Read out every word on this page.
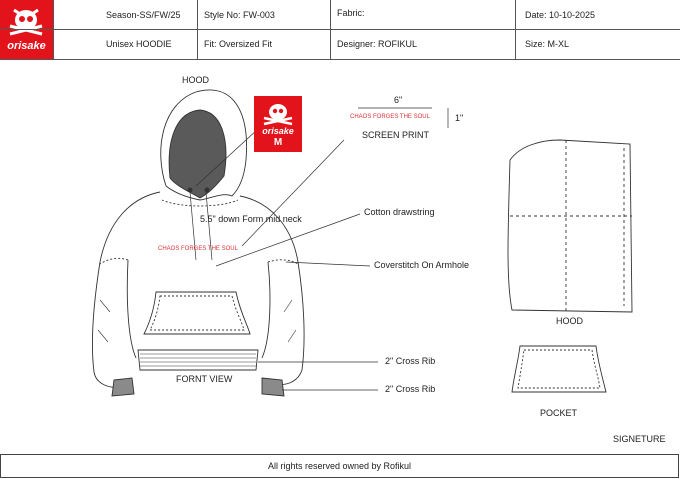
orisake
Season-SS/FW/25	Style No: FW-003	Fabric:	Date: 10-10-2025
Unisex HOODIE	Fit: Oversized Fit	Designer: ROFIKUL	Size: M-XL
orisake
M
HOOD
6"
1"
CHAOS FORGES THE SOUL
SCREEN PRINT
5.5" down Form mid neck
CHAOS FORGES THE SOUL
Cotton drawstring
Coverstitch On Armhole
2" Cross Rib
2" Cross Rib
FORNT VIEW
HOOD
POCKET
SIGNETURE
All rights reserved owned by Rofikul
